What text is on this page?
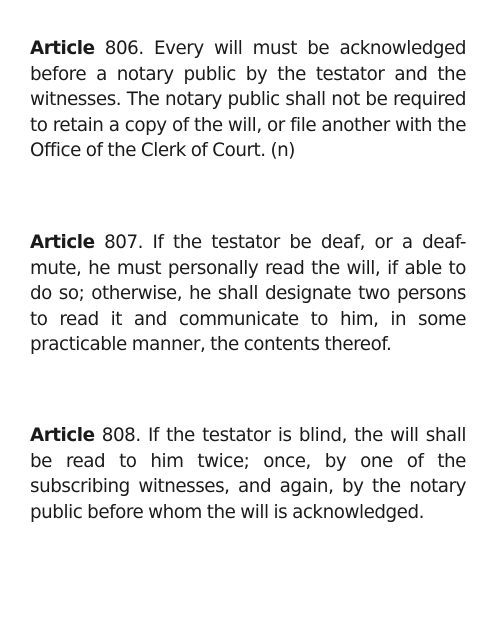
Article 806. Every will must be acknowledged before a notary public by the testator and the witnesses. The notary public shall not be required to retain a copy of the will, or file another with the Office of the Clerk of Court. (n)

Article 807. If the testator be deaf, or a deaf-mute, he must personally read the will, if able to do so; otherwise, he shall designate two persons to read it and communicate to him, in some practicable manner, the contents thereof.

Article 808. If the testator is blind, the will shall be read to him twice; once, by one of the subscribing witnesses, and again, by the notary public before whom the will is acknowledged.
